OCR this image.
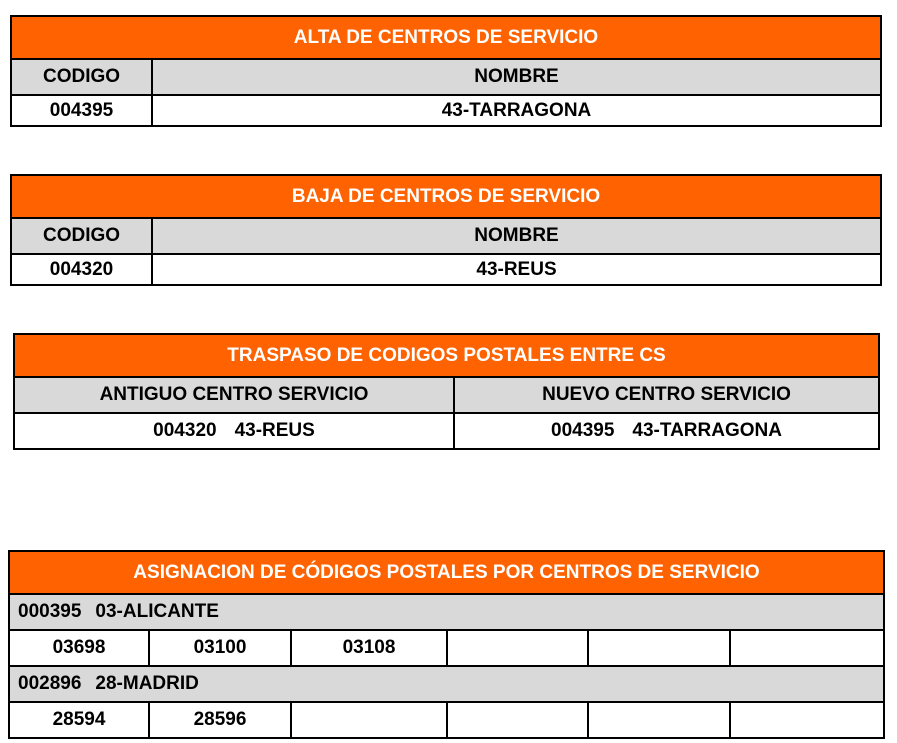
ALTA DE CENTROS DE SERVICIO	
CODIGO	NOMBRE
004395	43-TARRAGONA
BAJA DE CENTROS DE SERVICIO	
CODIGO	NOMBRE
004320	43-REUS
TRASPASO DE CODIGOS POSTALES ENTRE CS	
ANTIGUO CENTRO SERVICIO	NUEVO CENTRO SERVICIO
004320 43-REUS	004395 43-TARRAGONA
ASIGNACION DE CÓDIGOS POSTALES POR CENTROS DE SERVICIO					
000395 03-ALICANTE					
03698	03100	03108			
002896 28-MADRID					
28594	28596				
